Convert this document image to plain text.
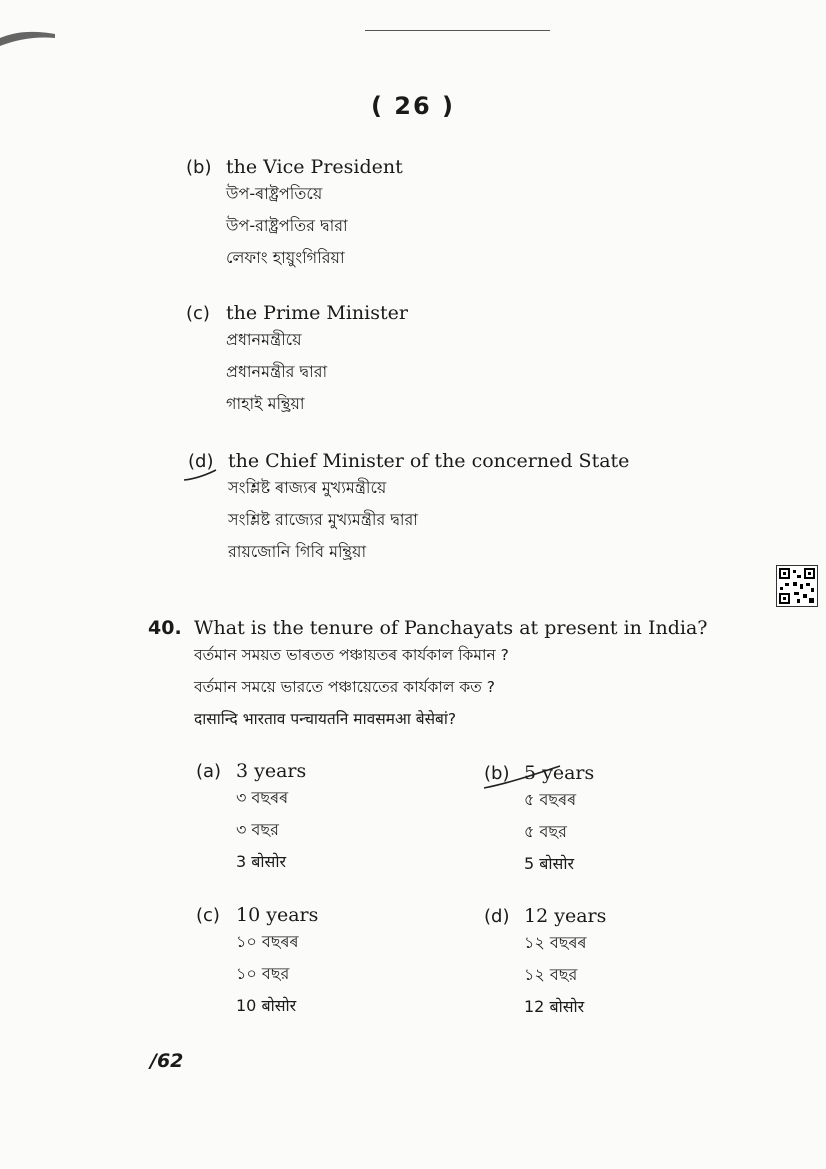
( 26 )
(b) the Vice President
উপ-ৰাষ্ট্ৰপতিয়ে
উপ-রাষ্ট্রপতির দ্বারা
লেফাং হায়ুংগিরিয়া
(c) the Prime Minister
প্ৰধানমন্ত্ৰীয়ে
প্রধানমন্ত্রীর দ্বারা
গাহাই মন্থ্রিয়া
(d) the Chief Minister of the concerned State
সংশ্লিষ্ট ৰাজ্যৰ মুখ্যমন্ত্ৰীয়ে
সংশ্লিষ্ট রাজ্যের মুখ্যমন্ত্রীর দ্বারা
রায়জোনি গিবি মন্থ্রিয়া
40. What is the tenure of Panchayats at present in India?
বৰ্তমান সময়ত ভাৰতত পঞ্চায়তৰ কাৰ্যকাল কিমান ?
বর্তমান সময়ে ভারতে পঞ্চায়েতের কার্যকাল কত ?
दासान्दि भारताव पन्चायतनि मावसमआ बेसेबां?
(a) 3 years
৩ বছৰৰ
৩ বছর
3 बोसोर
(b) 5 years
৫ বছৰৰ
৫ বছর
5 बोसोर
(c) 10 years
১০ বছৰৰ
১০ বছর
10 बोसोर
(d) 12 years
১২ বছৰৰ
১২ বছর
12 बोसोर
/62
